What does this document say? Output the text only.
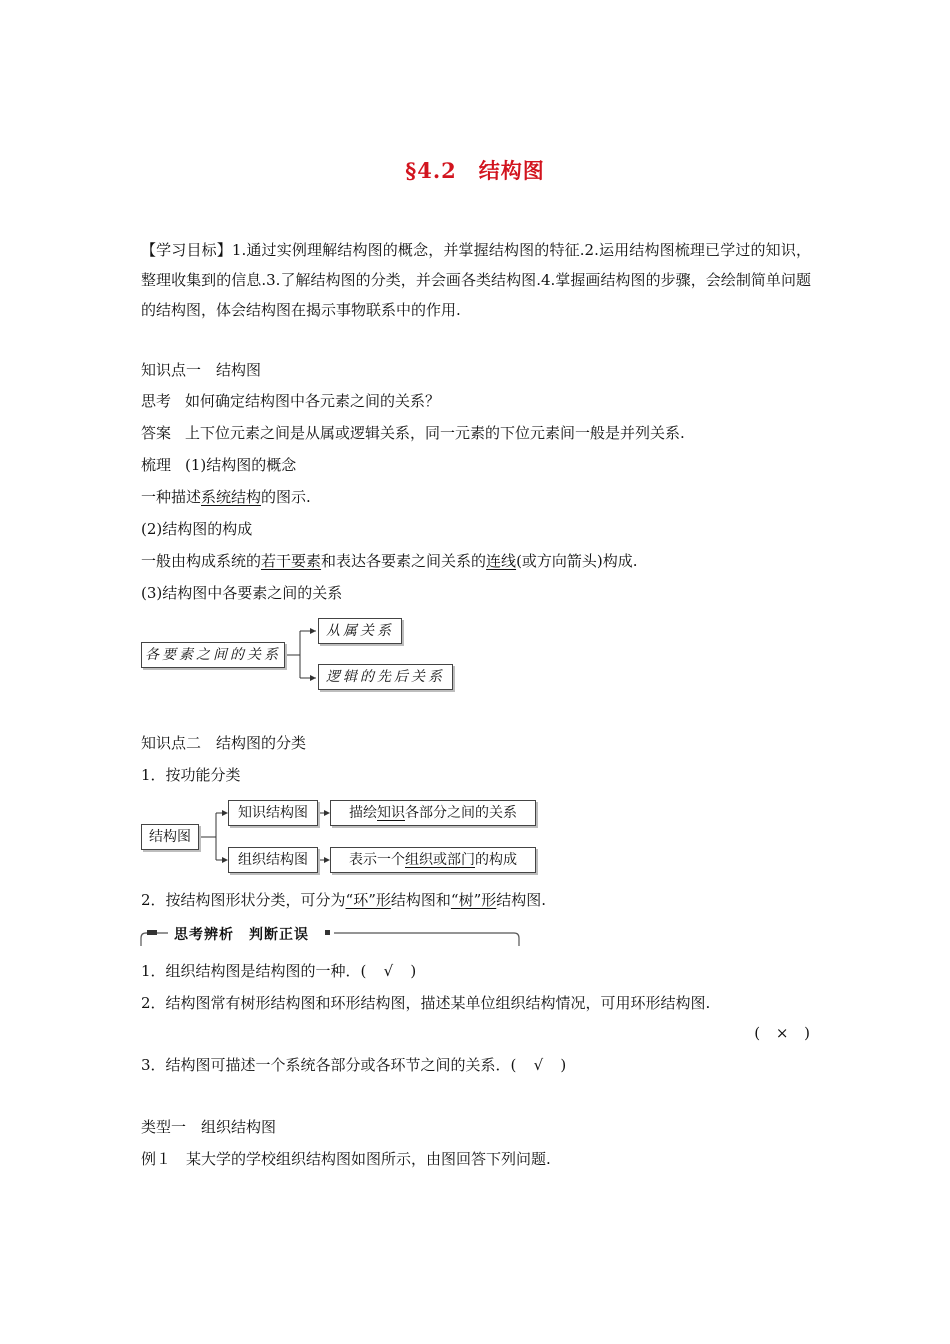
§4.2　结构图
【学习目标】1.通过实例理解结构图的概念，并掌握结构图的特征.2.运用结构图梳理已学过的知识，整理收集到的信息.3.了解结构图的分类，并会画各类结构图.4.掌握画结构图的步骤，会绘制简单问题的结构图，体会结构图在揭示事物联系中的作用.
知识点一　结构图
思考 如何确定结构图中各元素之间的关系？
答案 上下位元素之间是从属或逻辑关系，同一元素的下位元素间一般是并列关系.
梳理 (1)结构图的概念
一种描述系统结构的图示.
(2)结构图的构成
一般由构成系统的若干要素和表达各要素之间关系的连线(或方向箭头)构成.
(3)结构图中各要素之间的关系
各要素之间的关系
从属关系
逻辑的先后关系
知识点二　结构图的分类
1．按功能分类
结构图
知识结构图
组织结构图
描绘知识各部分之间的关系
表示一个组织或部门的构成
2．按结构图形状分类，可分为“环”形结构图和“树”形结构图.
思考辨析　判断正误
1．组织结构图是结构图的一种．( √ )
2．结构图常有树形结构图和环形结构图，描述某单位组织结构情况，可用环形结构图.
( × )
3．结构图可描述一个系统各部分或各环节之间的关系．( √ )
类型一　组织结构图
例１　某大学的学校组织结构图如图所示，由图回答下列问题.
